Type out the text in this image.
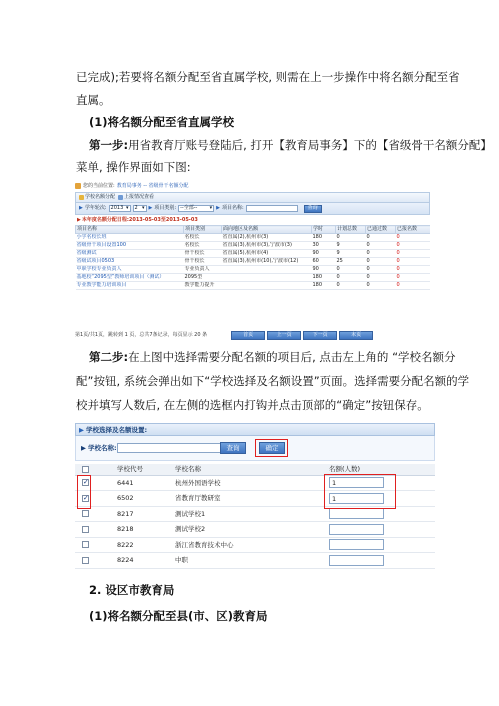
已完成);若要将名额分配至省直属学校, 则需在上一步操作中将名额分配至省
直属。
(1)将名额分配至省直属学校
第一步:用省教育厅账号登陆后, 打开【教育局事务】下的【省级骨干名额分配】
菜单, 操作界面如下图:
您的当前位置: 教育局事务 -- 省级骨干名额分配
学校名额分配 上报情况查看
▶ 学年轮次: 2013 ▾ 2 ▾ ▶ 项目类别: --全部-- ▾ ▶ 项目名称:	查询
▶ 本年度名额分配日程:2013-05-03至2013-05-03
项目名称	项目类别	面向地区及名额	学时	计划总数	已通过数	已报名数
小学名校长班	名校长	省直属(2),杭州市(3)	180	0	0	0
省级骨干项目设置100	名校长	省直属(3),杭州市(3),宁波市(3)	30	9	0	0
省级测试	骨干校长	省直属(5),杭州市(4)	90	9	0	0
省级试项目0503	骨干校长	省直属(3),杭州市(10),宁波市(12)	60	25	0	0
中职学校专业负责人	专业负责人		90	0	0	0
基地校“2095型”教师培训项目（测试）	2095型		180	0	0	0
专业教学能力培训项目	教学能力提升		180	0	0	0
第1页/共1页，跳转到 1 页，总共7条记录，每页显示 20 条	首页	上一页	下一页	末页
第二步:在上图中选择需要分配名额的项目后, 点击左上角的 “学校名额分
配”按钮, 系统会弹出如下“学校选择及名额设置”页面。选择需要分配名额的学
校并填写人数后, 在左侧的选框内打钩并点击顶部的“确定”按钮保存。
▶ 学校选择及名额设置:
▶ 学校名称:	查询	确定
	学校代号	学校名称	名额(人数)
✓	6441	杭州外国语学校	1
✓	6502	省教育厅教研室	1
	8217	测试学校1	
	8218	测试学校2	
	8222	浙江省教育技术中心	
	8224	中职	
2. 设区市教育局
(1)将名额分配至县(市、区)教育局
